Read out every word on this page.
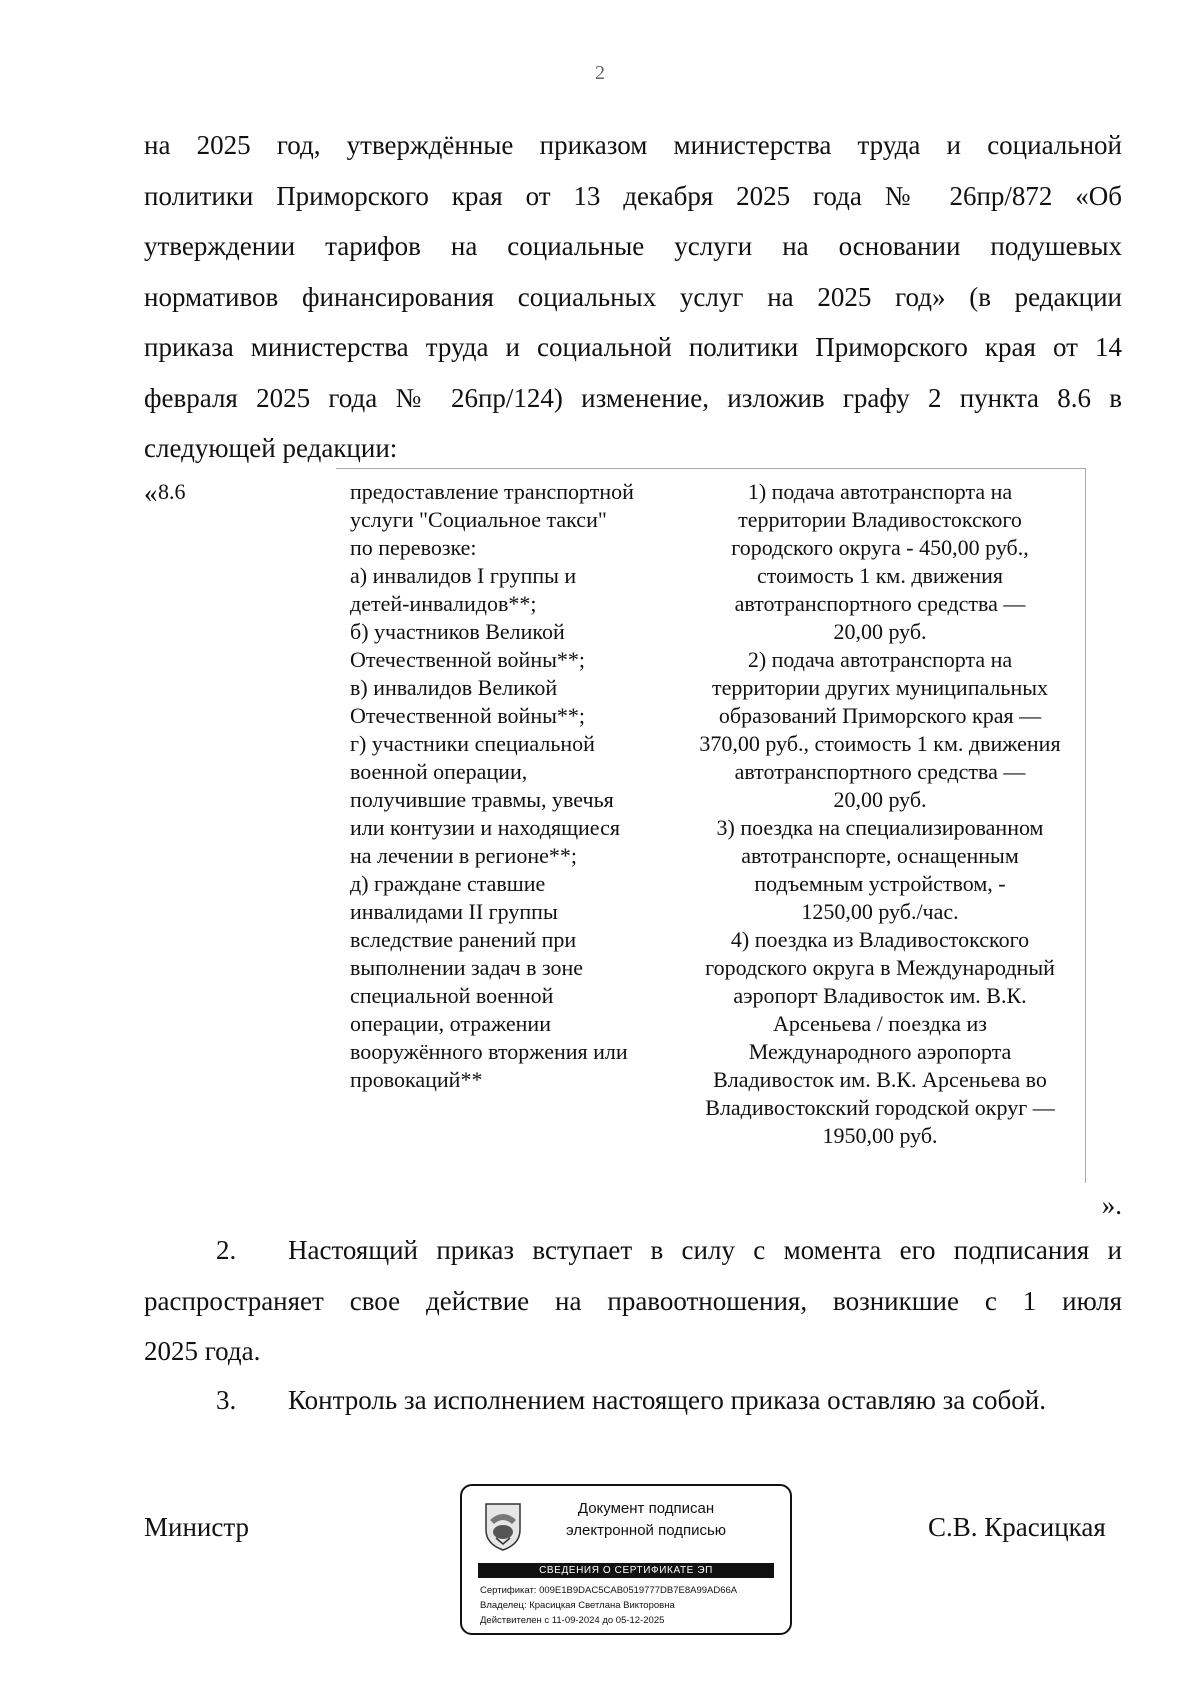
2
на 2025 год, утверждённые приказом министерства труда и социальной
политики Приморского края от 13 декабря 2025 года № 26пр/872 «Об
утверждении тарифов на социальные услуги на основании подушевых
нормативов финансирования социальных услуг на 2025 год» (в редакции
приказа министерства труда и социальной политики Приморского края от 14
февраля 2025 года № 26пр/124) изменение, изложив графу 2 пункта 8.6 в
следующей редакции:
« 8.6	предоставление транспортной
услуги "Социальное такси"
по перевозке:
а) инвалидов I группы и
детей-инвалидов**;
б) участников Великой
Отечественной войны**;
в) инвалидов Великой
Отечественной войны**;
г) участники специальной
военной операции,
получившие травмы, увечья
или контузии и находящиеся
на лечении в регионе**;
д) граждане ставшие
инвалидами II группы
вследствие ранений при
выполнении задач в зоне
специальной военной
операции, отражении
вооружённого вторжения или
провокаций**
1) подача автотранспорта на
территории Владивостокского
городского округа - 450,00 руб.,
стоимость 1 км. движения
автотранспортного средства —
20,00 руб.
2) подача автотранспорта на
территории других муниципальных
образований Приморского края —
370,00 руб., стоимость 1 км. движения
автотранспортного средства —
20,00 руб.
3) поездка на специализированном
автотранспорте, оснащенным
подъемным устройством, -
1250,00 руб./час.
4) поездка из Владивостокского
городского округа в Международный
аэропорт Владивосток им. В.К.
Арсеньева / поездка из
Международного аэропорта
Владивосток им. В.К. Арсеньева во
Владивостокский городской округ —
1950,00 руб.
».
2. Настоящий приказ вступает в силу с момента его подписания и
распространяет свое действие на правоотношения, возникшие с 1 июля
2025 года.
3. Контроль за исполнением настоящего приказа оставляю за собой.
Министр	С.В. Красицкая
Документ подписан
электронной подписью
СВЕДЕНИЯ О СЕРТИФИКАТЕ ЭП
Сертификат: 009E1B9DAC5CAB0519777DB7E8A99AD66A
Владелец: Красицкая Светлана Викторовна
Действителен с 11-09-2024 до 05-12-2025
